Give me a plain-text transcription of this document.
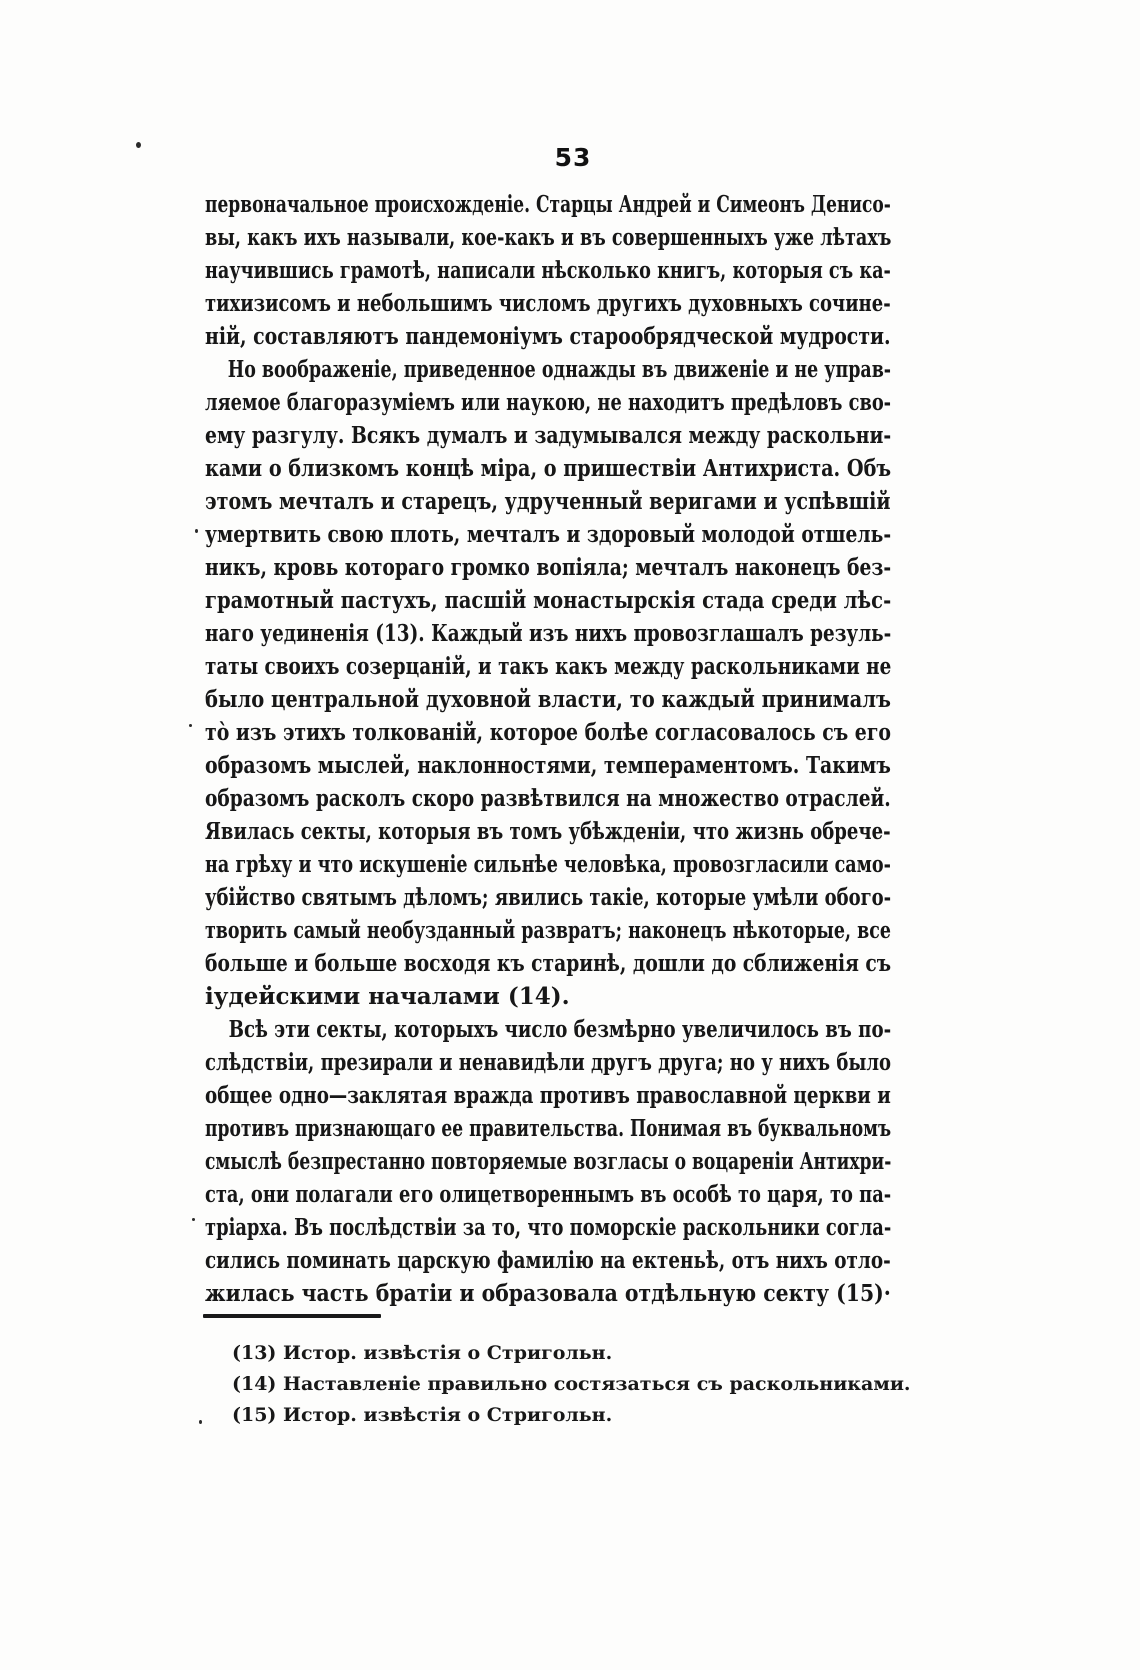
53
первоначальное происхожденіе. Старцы Андрей и Симеонъ Денисо-
вы, какъ ихъ называли, кое-какъ и въ совершенныхъ уже лѣтахъ
научившись грамотѣ, написали нѣсколько книгъ, которыя съ ка-
тихизисомъ и небольшимъ числомъ другихъ духовныхъ сочине-
ній, составляютъ пандемоніумъ старообрядческой мудрости.
Но воображеніе, приведенное однажды въ движеніе и не управ-
ляемое благоразуміемъ или наукою, не находитъ предѣловъ сво-
ему разгулу. Всякъ думалъ и задумывался между раскольни-
ками о близкомъ концѣ міра, о пришествіи Антихриста. Объ
этомъ мечталъ и старецъ, удрученный веригами и успѣвшій
умертвить свою плоть, мечталъ и здоровый молодой отшель-
никъ, кровь котораго громко вопіяла; мечталъ наконецъ без-
грамотный пастухъ, пасшій монастырскія стада среди лѣс-
наго уединенія (13). Каждый изъ нихъ провозглашалъ резуль-
таты своихъ созерцаній, и такъ какъ между раскольниками не
было центральной духовной власти, то каждый принималъ
то̀ изъ этихъ толкованій, которое болѣе согласовалось съ его
образомъ мыслей, наклонностями, темпераментомъ. Такимъ
образомъ расколъ скоро развѣтвился на множество отраслей.
Явилась секты, которыя въ томъ убѣжденіи, что жизнь обрече-
на грѣху и что искушеніе сильнѣе человѣка, провозгласили само-
убійство святымъ дѣломъ; явились такіе, которые умѣли обого-
творить самый необузданный развратъ; наконецъ нѣкоторые, все
больше и больше восходя къ старинѣ, дошли до сближенія съ
іудейскими началами (14).
Всѣ эти секты, которыхъ число безмѣрно увеличилось въ по-
слѣдствіи, презирали и ненавидѣли другъ друга; но у нихъ было
общее одно—заклятая вражда противъ православной церкви и
противъ признающаго ее правительства. Понимая въ буквальномъ
смыслѣ безпрестанно повторяемые возгласы о воцареніи Антихри-
ста, они полагали его олицетвореннымъ въ особѣ то царя, то па-
тріарха. Въ послѣдствіи за то, что поморскіе раскольники согла-
сились поминать царскую фамилію на ектеньѣ, отъ нихъ отло-
жилась часть братіи и образовала отдѣльную секту (15)·
(13) Истор. извѣстія о Стригольн.
(14) Наставленіе правильно состязаться съ раскольниками.
(15) Истор. извѣстія о Стригольн.
